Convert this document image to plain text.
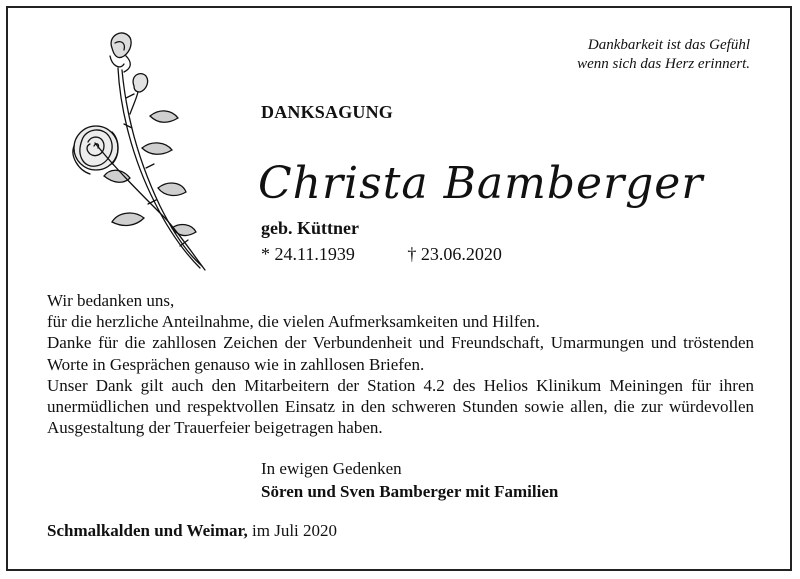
Dankbarkeit ist das Gefühl
wenn sich das Herz erinnert.
DANKSAGUNG
Christa Bamberger
geb. Küttner
* 24.11.1939	† 23.06.2020

Wir bedanken uns,

für die herzliche Anteilnahme, die vielen Aufmerksamkeiten und Hilfen.

Danke für die zahllosen Zeichen der Verbundenheit und Freundschaft, Umarmungen und tröstenden Worte in Gesprächen genauso wie in zahllosen Briefen.

Unser Dank gilt auch den Mitarbeitern der Station 4.2 des Helios Klinikum Meiningen für ihren unermüdlichen und respektvollen Einsatz in den schweren Stunden sowie allen, die zur würdevollen Ausgestaltung der Trauerfeier beigetragen haben.

In ewigen Gedenken
Sören und Sven Bamberger mit Familien
Schmalkalden und Weimar, im Juli 2020
